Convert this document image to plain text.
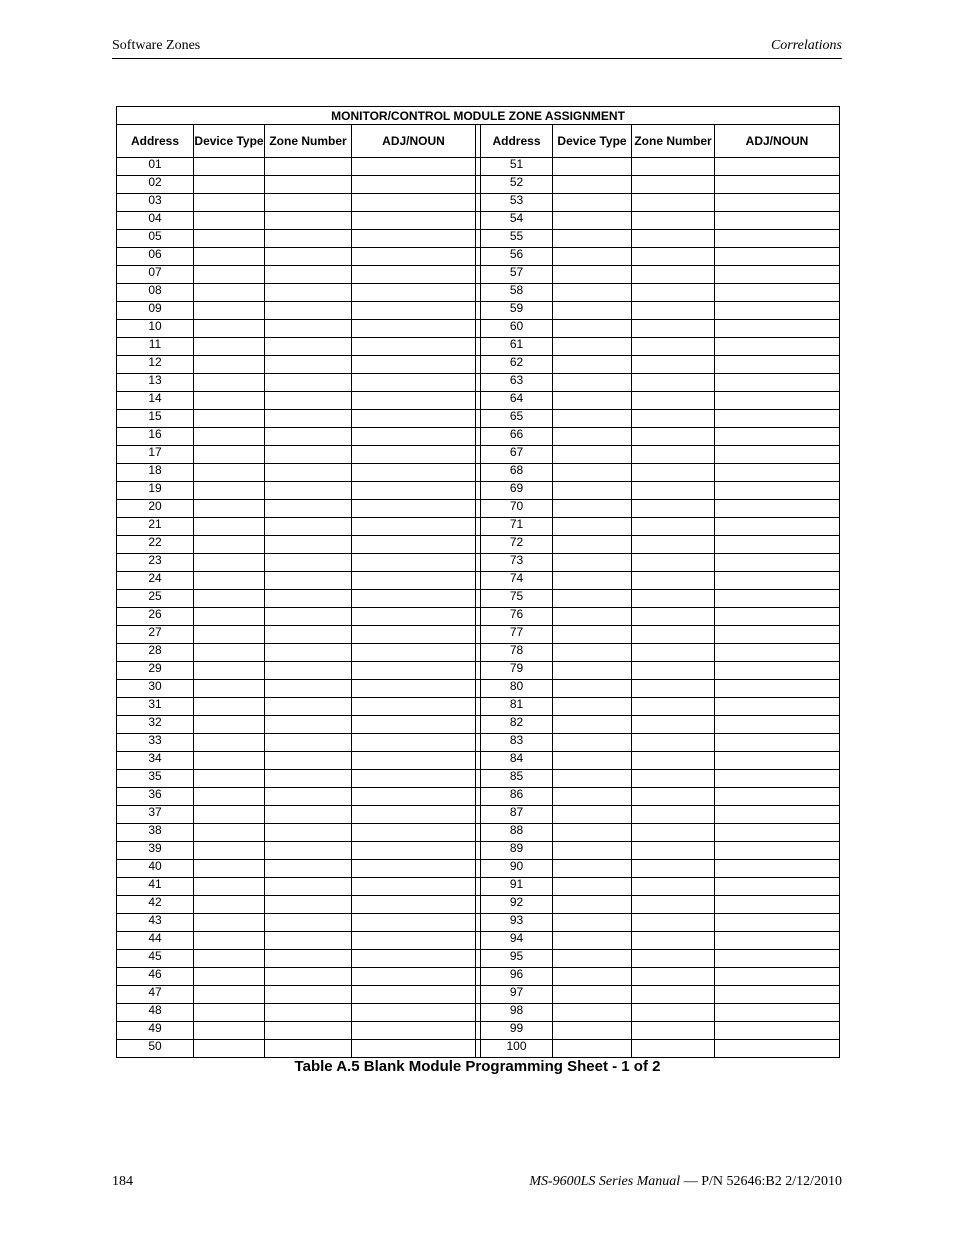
Software Zones	Correlations
MONITOR/CONTROL MODULE ZONE ASSIGNMENT								
Address	Device Type	Zone Number	ADJ/NOUN		Address	Device Type	Zone Number	ADJ/NOUN
01					51			
02					52			
03					53			
04					54			
05					55			
06					56			
07					57			
08					58			
09					59			
10					60			
11					61			
12					62			
13					63			
14					64			
15					65			
16					66			
17					67			
18					68			
19					69			
20					70			
21					71			
22					72			
23					73			
24					74			
25					75			
26					76			
27					77			
28					78			
29					79			
30					80			
31					81			
32					82			
33					83			
34					84			
35					85			
36					86			
37					87			
38					88			
39					89			
40					90			
41					91			
42					92			
43					93			
44					94			
45					95			
46					96			
47					97			
48					98			
49					99			
50					100			
Table A.5 Blank Module Programming Sheet - 1 of 2
184	MS-9600LS Series Manual — P/N 52646:B2 2/12/2010
